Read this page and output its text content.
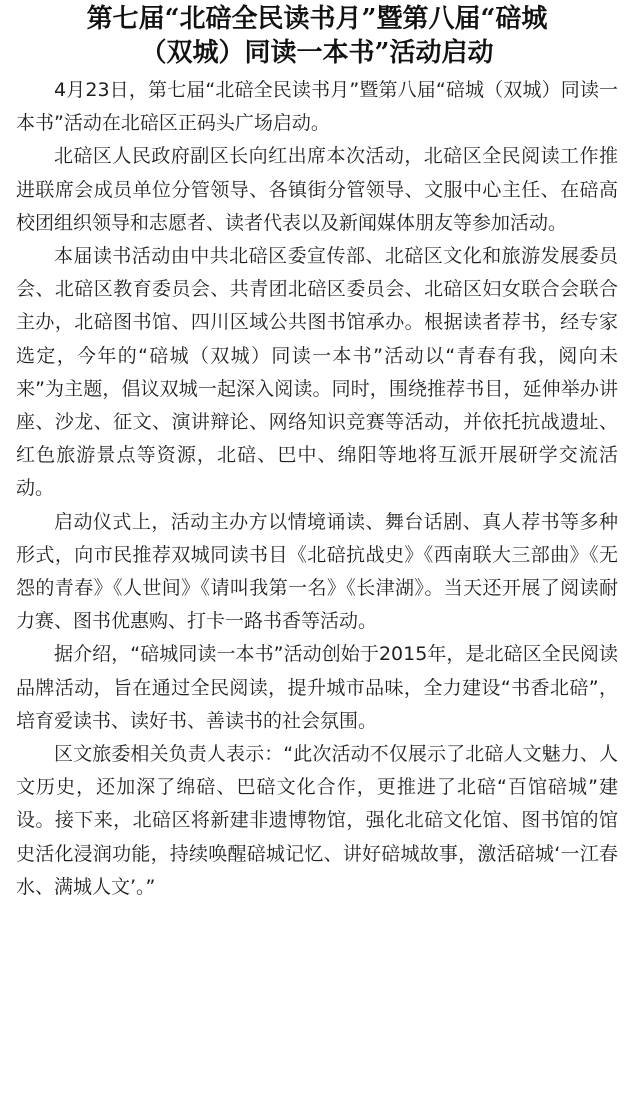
第七届“北碚全民读书月”暨第八届“碚城
（双城）同读一本书”活动启动

4月23日，第七届“北碚全民读书月”暨第八届“碚城（双城）同读一本书”活动在北碚区正码头广场启动。

北碚区人民政府副区长向红出席本次活动，北碚区全民阅读工作推进联席会成员单位分管领导、各镇街分管领导、文服中心主任、在碚高校团组织领导和志愿者、读者代表以及新闻媒体朋友等参加活动。

本届读书活动由中共北碚区委宣传部、北碚区文化和旅游发展委员会、北碚区教育委员会、共青团北碚区委员会、北碚区妇女联合会联合主办，北碚图书馆、四川区域公共图书馆承办。根据读者荐书，经专家选定，今年的“碚城（双城）同读一本书”活动以“青春有我，阅向未来”为主题，倡议双城一起深入阅读。同时，围绕推荐书目，延伸举办讲座、沙龙、征文、演讲辩论、网络知识竞赛等活动，并依托抗战遗址、红色旅游景点等资源，北碚、巴中、绵阳等地将互派开展研学交流活动。

启动仪式上，活动主办方以情境诵读、舞台话剧、真人荐书等多种形式，向市民推荐双城同读书目《北碚抗战史》《西南联大三部曲》《无怨的青春》《人世间》《请叫我第一名》《长津湖》。当天还开展了阅读耐力赛、图书优惠购、打卡一路书香等活动。

据介绍，“碚城同读一本书”活动创始于2015年，是北碚区全民阅读品牌活动，旨在通过全民阅读，提升城市品味，全力建设“书香北碚”，培育爱读书、读好书、善读书的社会氛围。

区文旅委相关负责人表示：“此次活动不仅展示了北碚人文魅力、人文历史，还加深了绵碚、巴碚文化合作，更推进了北碚“百馆碚城”建设。接下来，北碚区将新建非遗博物馆，强化北碚文化馆、图书馆的馆史活化浸润功能，持续唤醒碚城记忆、讲好碚城故事，激活碚城‘一江春水、满城人文’。”
